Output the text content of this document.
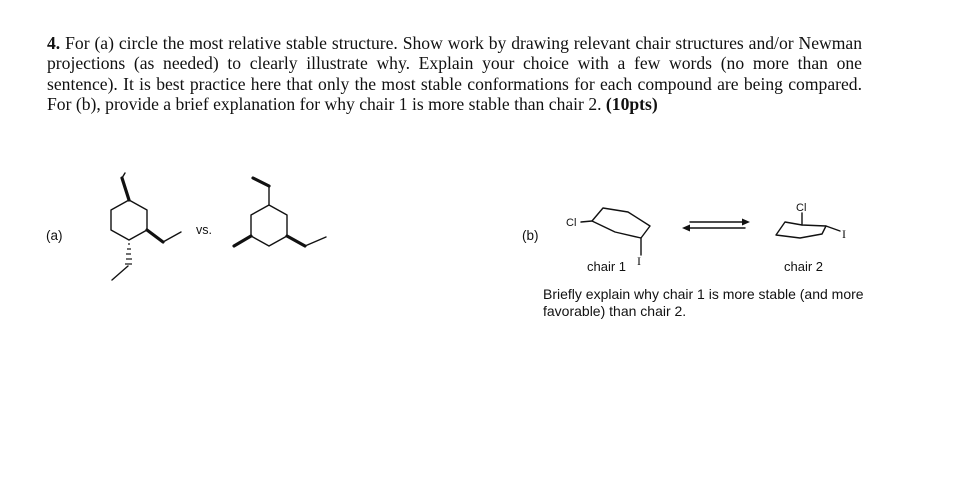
4. For (a) circle the most relative stable structure. Show work by drawing relevant chair structures and/or Newman projections (as needed) to clearly illustrate why. Explain your choice with a few words (no more than one sentence). It is best practice here that only the most stable conformations for each compound are being compared. For (b), provide a brief explanation for why chair 1 is more stable than chair 2. (10pts)

(a)	vs.	(b)
Cl
I
Cl
I
chair 1	chair 2

Briefly explain why chair 1 is more stable (and more favorable) than chair 2.
